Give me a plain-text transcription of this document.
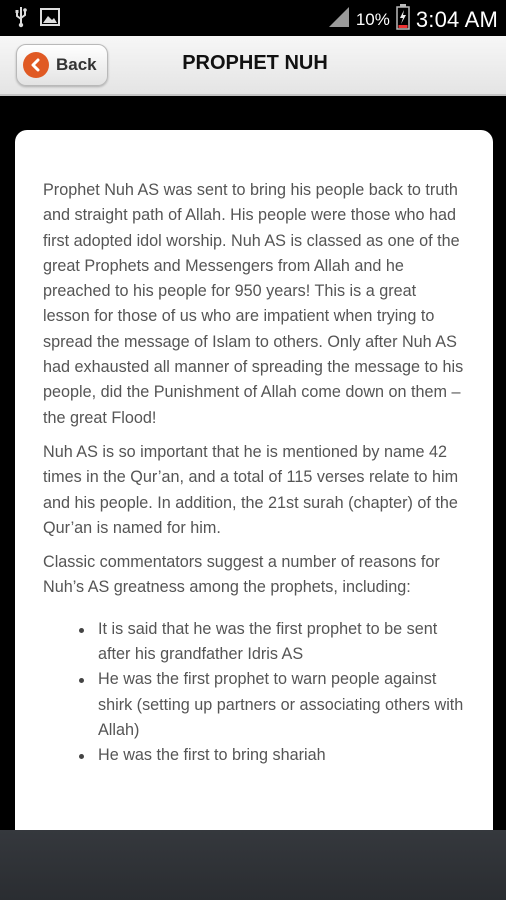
10% 3:04 AM
Back	PROPHET NUH

Prophet Nuh AS was sent to bring his people back to truth and straight path of Allah. His people were those who had first adopted idol worship. Nuh AS is classed as one of the great Prophets and Messengers from Allah and he preached to his people for 950 years! This is a great lesson for those of us who are impatient when trying to spread the message of Islam to others. Only after Nuh AS had exhausted all manner of spreading the message to his people, did the Punishment of Allah come down on them – the great Flood!

Nuh AS is so important that he is mentioned by name 42 times in the Qur’an, and a total of 115 verses relate to him and his people. In addition, the 21st surah (chapter) of the Qur’an is named for him.

Classic commentators suggest a number of reasons for Nuh’s AS greatness among the prophets, including:

It is said that he was the first prophet to be sent after his grandfather Idris AS
He was the first prophet to warn people against shirk (setting up partners or associating others with Allah)
He was the first to bring shariah
